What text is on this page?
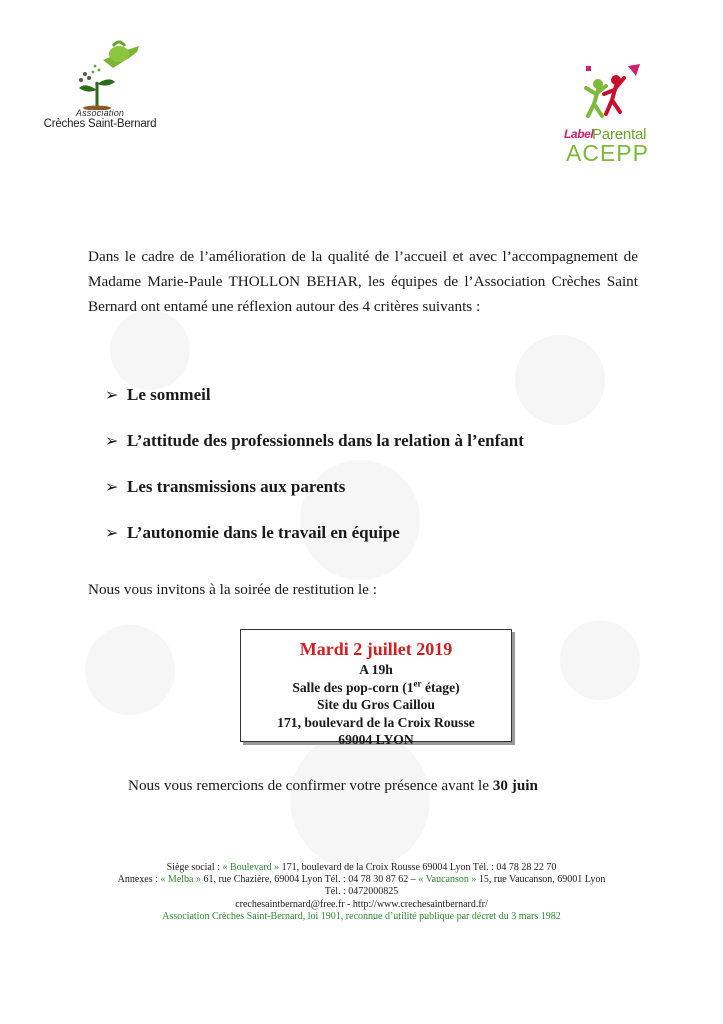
Association
Crèches Saint-Bernard
Label
Parental
ACEPP
Dans le cadre de l’amélioration de la qualité de l’accueil et avec l’accompagnement de Madame Marie-Paule THOLLON BEHAR, les équipes de l’Association Crèches Saint Bernard ont entamé une réflexion autour des 4 critères suivants :
➢ Le sommeil
➢ L’attitude des professionnels dans la relation à l’enfant
➢ Les transmissions aux parents
➢ L’autonomie dans le travail en équipe
Nous vous invitons à la soirée de restitution le :
Mardi 2 juillet 2019
A 19h
Salle des pop-corn (1er étage)
Site du Gros Caillou
171, boulevard de la Croix Rousse
69004 LYON
Nous vous remercions de confirmer votre présence avant le 30 juin
Siège social : « Boulevard » 171, boulevard de la Croix Rousse 69004 Lyon Tél. : 04 78 28 22 70
Annexes : « Melba » 61, rue Chazière, 69004 Lyon Tél. : 04 78 30 87 62 – « Vaucanson » 15, rue Vaucanson, 69001 Lyon
Tél. : 0472000825
crechesaintbernard@free.fr - http://www.crechesaintbernard.fr/
Association Crèches Saint-Bernard, loi 1901, reconnue d’utilité publique par décret du 3 mars 1982
